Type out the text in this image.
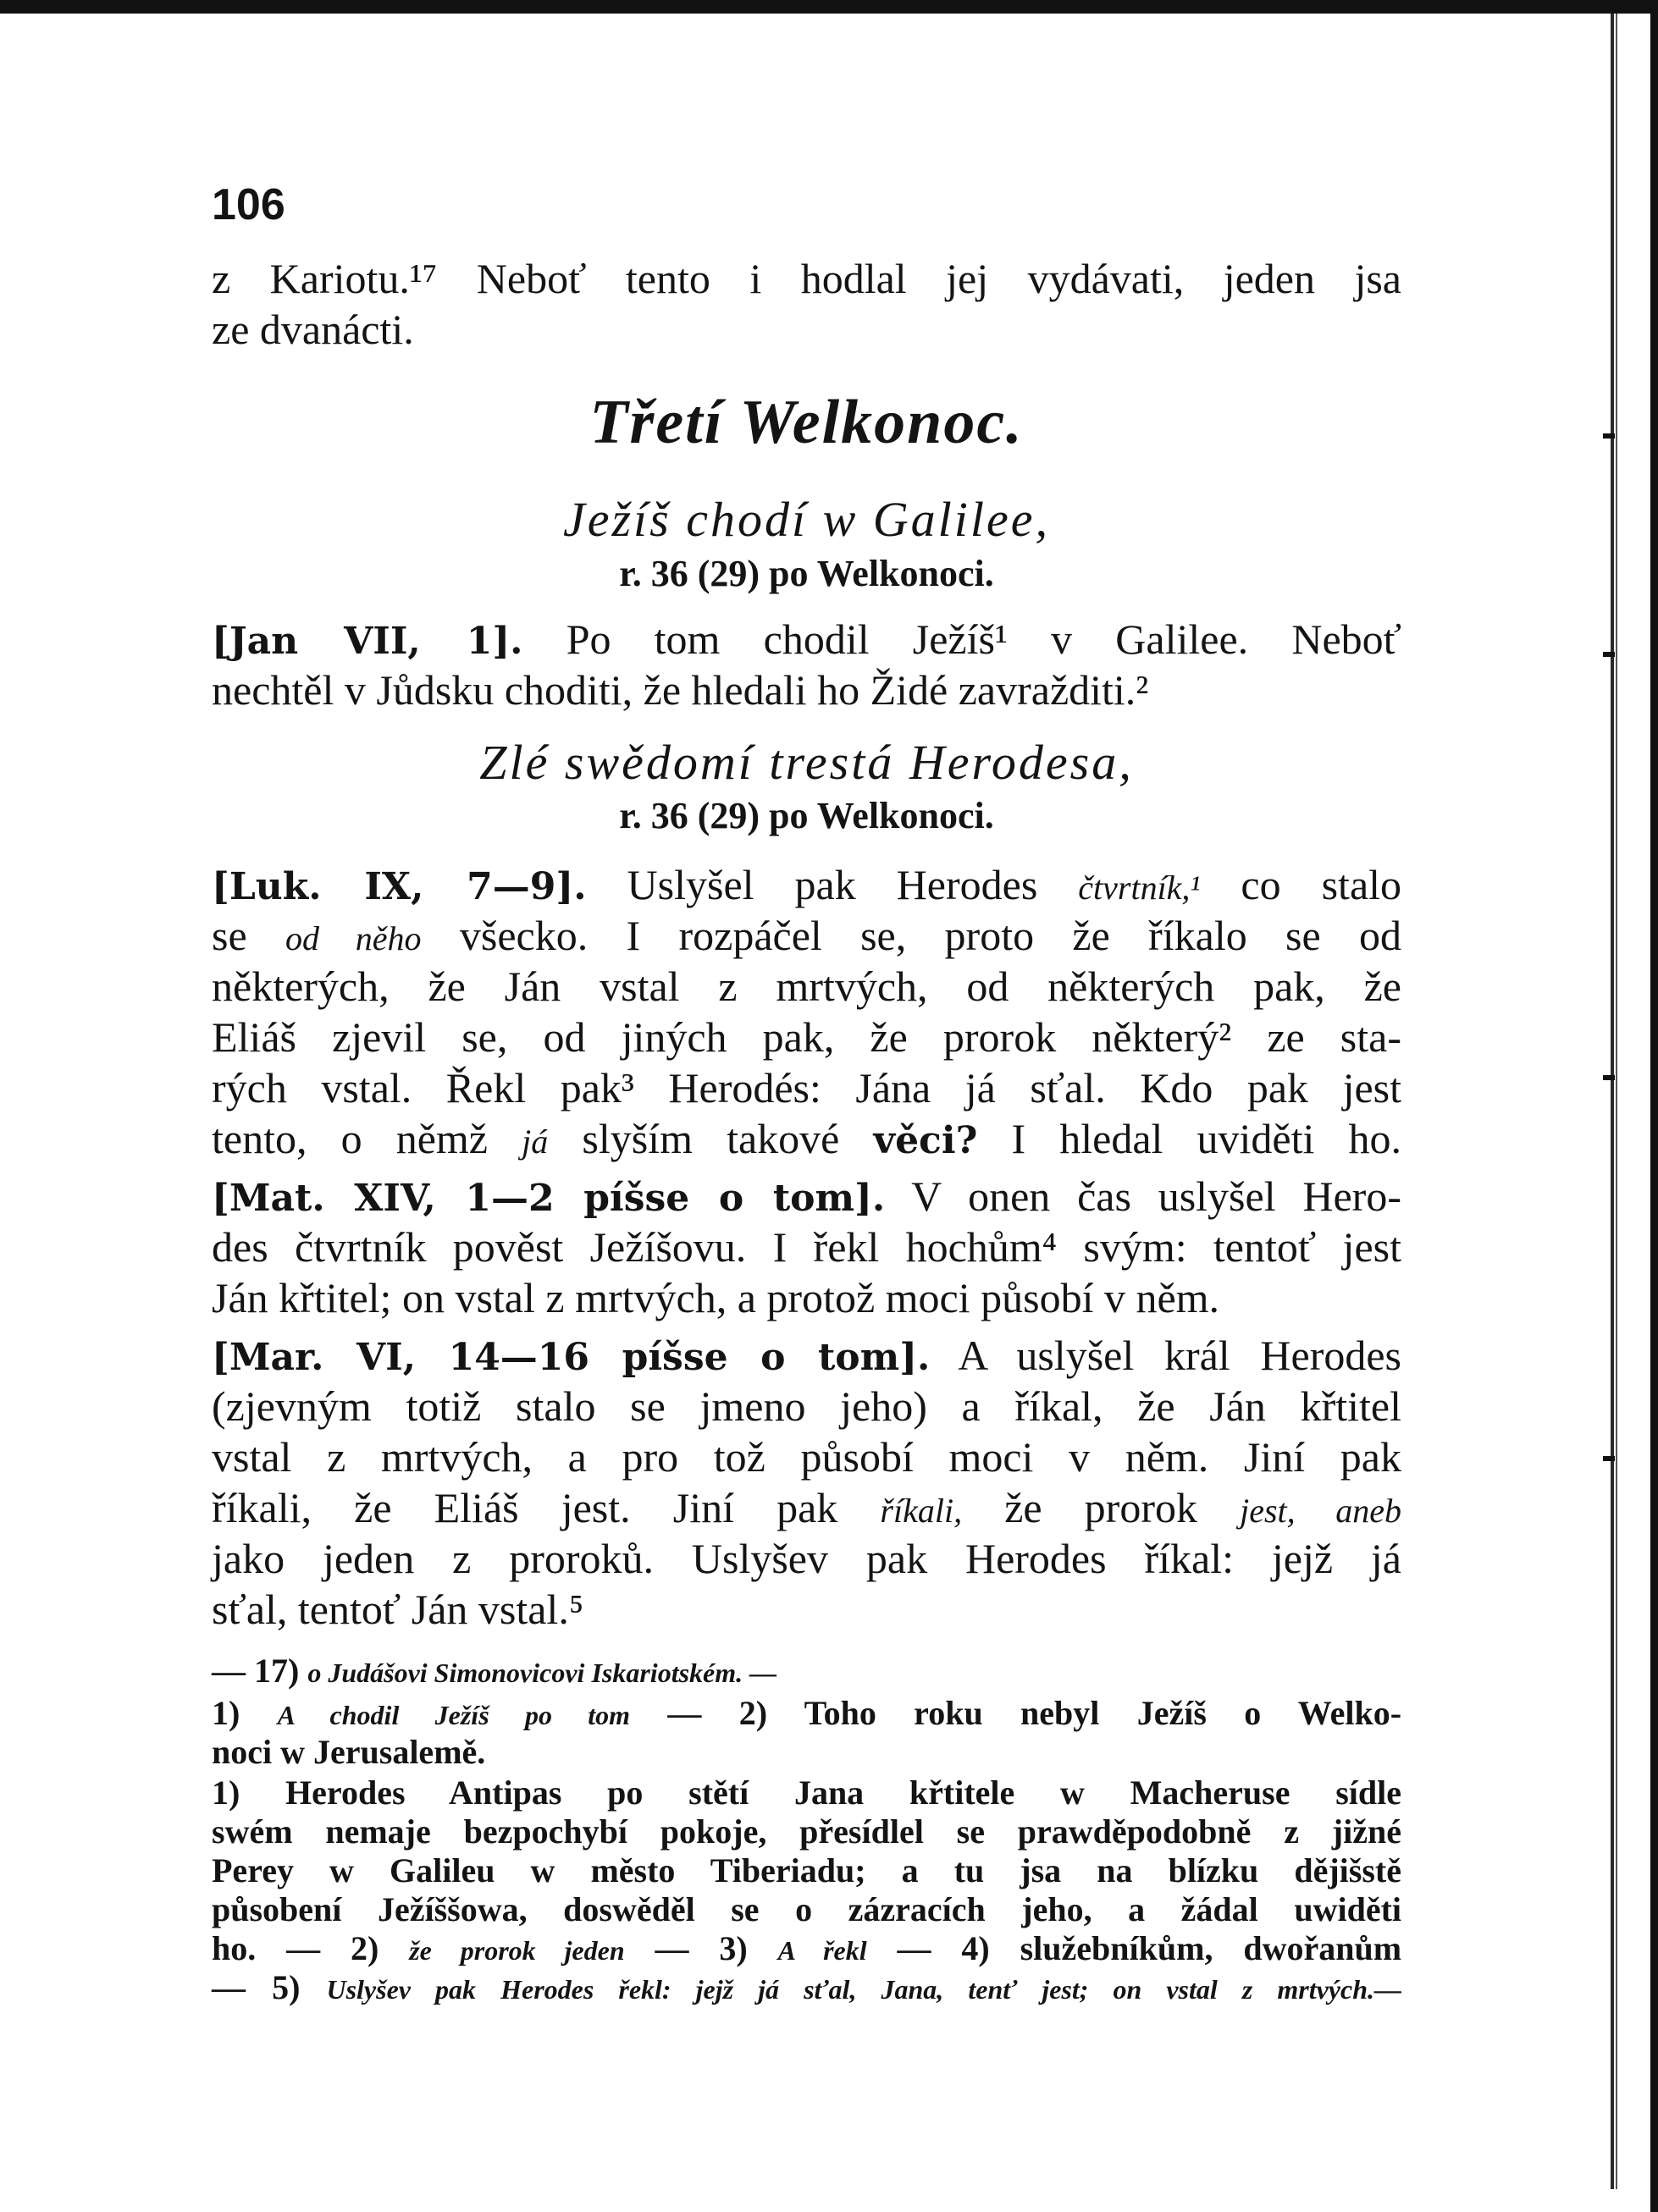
106
z Kariotu.¹⁷ Neboť tento i hodlal jej vydávati, jeden jsa
ze dvanácti.
Třetí Welkonoc.
Ježíš chodí w Galilee,
r. 36 (29) po Welkonoci.
[Jan VII, 1]. Po tom chodil Ježíš¹ v Galilee. Neboť
nechtěl v Jůdsku choditi, že hledali ho Židé zavražditi.²
Zlé swědomí trestá Herodesa,
r. 36 (29) po Welkonoci.
[Luk. IX, 7—9]. Uslyšel pak Herodes čtvrtník,¹ co stalo
se od něho všecko. I rozpáčel se, proto že říkalo se od
některých, že Ján vstal z mrtvých, od některých pak, že
Eliáš zjevil se, od jiných pak, že prorok některý² ze sta-
rých vstal. Řekl pak³ Herodés: Jána já sťal. Kdo pak jest
tento, o němž já slyším takové věci? I hledal uviděti ho.
[Mat. XIV, 1—2 píšse o tom]. V onen čas uslyšel Hero-
des čtvrtník pověst Ježíšovu. I řekl hochům⁴ svým: tentoť jest
Ján křtitel; on vstal z mrtvých, a protož moci působí v něm.
[Mar. VI, 14—16 píšse o tom]. A uslyšel král Herodes
(zjevným totiž stalo se jmeno jeho) a říkal, že Ján křtitel
vstal z mrtvých, a pro tož působí moci v něm. Jiní pak
říkali, že Eliáš jest. Jiní pak říkali, že prorok jest, aneb
jako jeden z proroků. Uslyšev pak Herodes říkal: jejž já
sťal, tentoť Ján vstal.⁵
— 17) o Judášovi Simonovicovi Iskariotském. —
1) A chodil Ježíš po tom — 2) Toho roku nebyl Ježíš o Welko-
noci w Jerusalemě.
1) Herodes Antipas po stětí Jana křtitele w Macheruse sídle
swém nemaje bezpochybí pokoje, přesídlel se prawděpodobně z jižné
Perey w Galileu w město Tiberiadu; a tu jsa na blízku dějišstě
působení Ježíššowa, doswěděl se o zázracích jeho, a žádal uwiděti
ho. — 2) že prorok jeden — 3) A řekl — 4) služebníkům, dwořanům
— 5) Uslyšev pak Herodes řekl: jejž já sťal, Jana, tenť jest; on vstal z mrtvých.—
